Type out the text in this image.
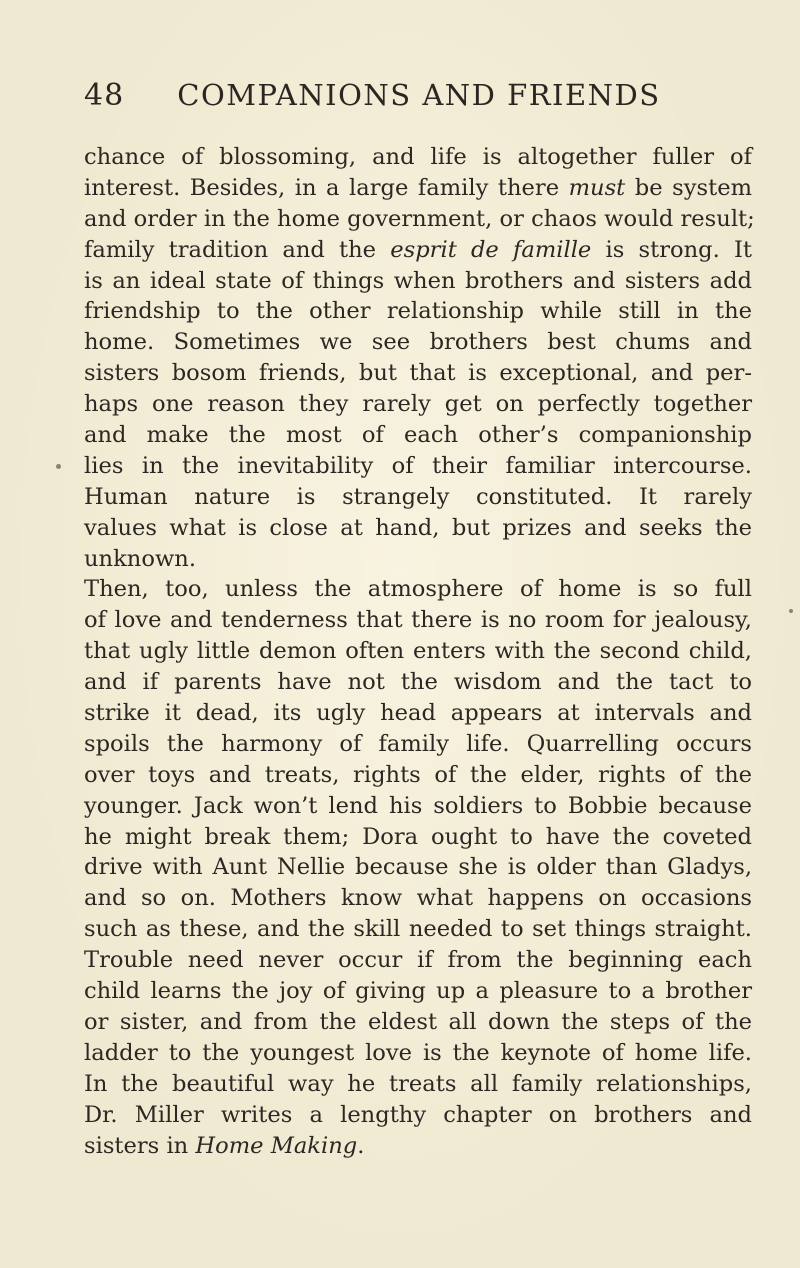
48	COMPANIONS AND FRIENDS
chance of blossoming, and life is altogether fuller of
interest. Besides, in a large family there must be system
and order in the home government, or chaos would result;
family tradition and the esprit de famille is strong. It
is an ideal state of things when brothers and sisters add
friendship to the other relationship while still in the
home. Sometimes we see brothers best chums and
sisters bosom friends, but that is exceptional, and per-
haps one reason they rarely get on perfectly together
and make the most of each other’s companionship
lies in the inevitability of their familiar intercourse.
Human nature is strangely constituted. It rarely
values what is close at hand, but prizes and seeks the
unknown.
Then, too, unless the atmosphere of home is so full
of love and tenderness that there is no room for jealousy,
that ugly little demon often enters with the second child,
and if parents have not the wisdom and the tact to
strike it dead, its ugly head appears at intervals and
spoils the harmony of family life. Quarrelling occurs
over toys and treats, rights of the elder, rights of the
younger. Jack won’t lend his soldiers to Bobbie because
he might break them; Dora ought to have the coveted
drive with Aunt Nellie because she is older than Gladys,
and so on. Mothers know what happens on occasions
such as these, and the skill needed to set things straight.
Trouble need never occur if from the beginning each
child learns the joy of giving up a pleasure to a brother
or sister, and from the eldest all down the steps of the
ladder to the youngest love is the keynote of home life.
In the beautiful way he treats all family relationships,
Dr. Miller writes a lengthy chapter on brothers and
sisters in Home Making.
